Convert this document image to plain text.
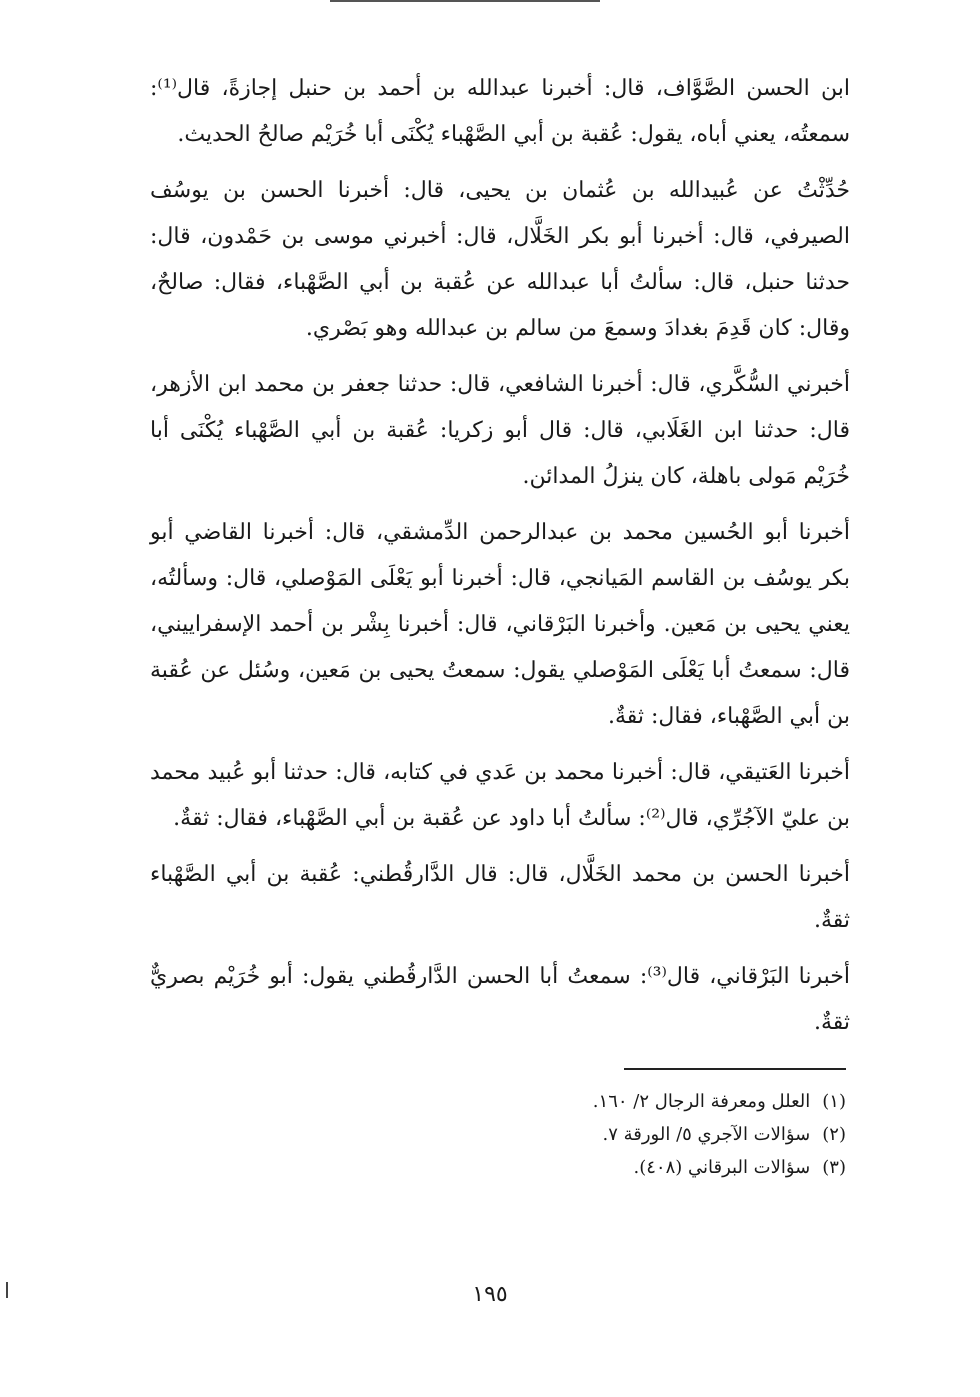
ابن الحسن الصَّوَّاف، قال: أخبرنا عبدالله بن أحمد بن حنبل إجازةً، قال⁽¹⁾: سمعتُه، يعني أباه، يقول: عُقبة بن أبي الصَّهْباء يُكْنَى أبا خُرَيْم صالحُ الحديث.

حُدِّثْتُ عن عُبيدالله بن عُثمان بن يحيى، قال: أخبرنا الحسن بن يوسُف الصيرفي، قال: أخبرنا أبو بكر الخَلَّال، قال: أخبرني موسى بن حَمْدون، قال: حدثنا حنبل، قال: سألتُ أبا عبدالله عن عُقبة بن أبي الصَّهْباء، فقال: صالحٌ، وقال: كان قَدِمَ بغدادَ وسمعَ من سالم بن عبدالله وهو بَصْري.

أخبرني السُّكَّري، قال: أخبرنا الشافعي، قال: حدثنا جعفر بن محمد ابن الأزهر، قال: حدثنا ابن الغَلَابي، قال: قال أبو زكريا: عُقبة بن أبي الصَّهْباء يُكْنَى أبا خُرَيْم مَولى باهلة، كان ينزلُ المدائن.

أخبرنا أبو الحُسين محمد بن عبدالرحمن الدِّمشقي، قال: أخبرنا القاضي أبو بكر يوسُف بن القاسم المَيانجي، قال: أخبرنا أبو يَعْلَى المَوْصلي، قال: وسألتُه، يعني يحيى بن مَعين. وأخبرنا البَرْقاني، قال: أخبرنا بِشْر بن أحمد الإسفراييني، قال: سمعتُ أبا يَعْلَى المَوْصلي يقول: سمعتُ يحيى بن مَعين، وسُئل عن عُقبة بن أبي الصَّهْباء، فقال: ثقةٌ.

أخبرنا العَتيقي، قال: أخبرنا محمد بن عَدي في كتابه، قال: حدثنا أبو عُبيد محمد بن عليّ الآجُرِّي، قال⁽²⁾: سألتُ أبا داود عن عُقبة بن أبي الصَّهْباء، فقال: ثقةٌ.

أخبرنا الحسن بن محمد الخَلَّال، قال: قال الدَّارقُطني: عُقبة بن أبي الصَّهْباء ثقةٌ.

أخبرنا البَرْقاني، قال⁽³⁾: سمعتُ أبا الحسن الدَّارقُطني يقول: أبو خُرَيْم بصريٌّ ثقةٌ.

(١)العلل ومعرفة الرجال ٢/ ١٦٠.

(٢)سؤالات الآجري ٥/ الورقة ٧.

(٣)سؤالات البرقاني (٤٠٨).

١٩٥
